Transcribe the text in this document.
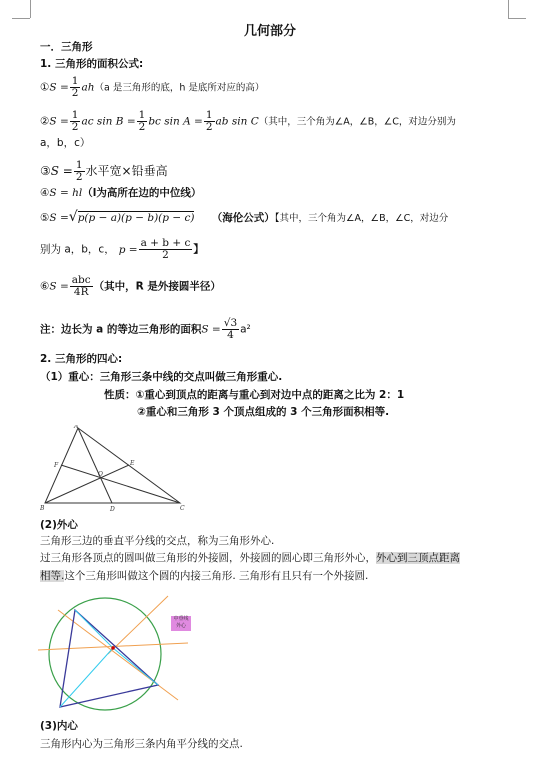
几何部分
一．三角形
1. 三角形的面积公式:
①S = $\frac{1}{2} ah(a$ 是三角形的底，h 是底所对应的高）
②S = $\frac{1}{2}$ ac $\sin B = \frac{1}{2}$ bc $\sin A = \frac{1}{2}$ ab sin C（其中，三个角为∠A，∠B，∠C，对边分别为
a，b，c）
③S = $\frac{1}{2}$ 水平宽×铅垂高
④S = hl（l为高所在边的中位线）
⑤S =√p(p − a)(p − b)(p − c) （海伦公式）【其中，三个角为∠A，∠B，∠C，对边分
别为 a，b，c， $p = \frac{a + b + c}{2}$ 】
⑥S = $\frac{\text{abc}}{4R}$ （其中，R 是外接圆半径）
注：边长为 a 的等边三角形的面积$S = \frac{√3}{4} a^2$
2. 三角形的四心:
（1）重心：三角形三条中线的交点叫做三角形重心.
性质：①重心到顶点的距离与重心到对边中点的距离之比为 2：1
②重心和三角形 3 个顶点组成的 3 个三角形面积相等.
A
B	C
D
E
F
O
(2)外心
三角形三边的垂直平分线的交点，称为三角形外心.
过三角形各顶点的圆叫做三角形的外接圆，外接圆的圆心即三角形外心，外心到三顶点距离
相等.这个三角形叫做这个圆的内接三角形. 三角形有且只有一个外接圆.
中垂线 外心
(3)内心
三角形内心为三角形三条内角平分线的交点.
